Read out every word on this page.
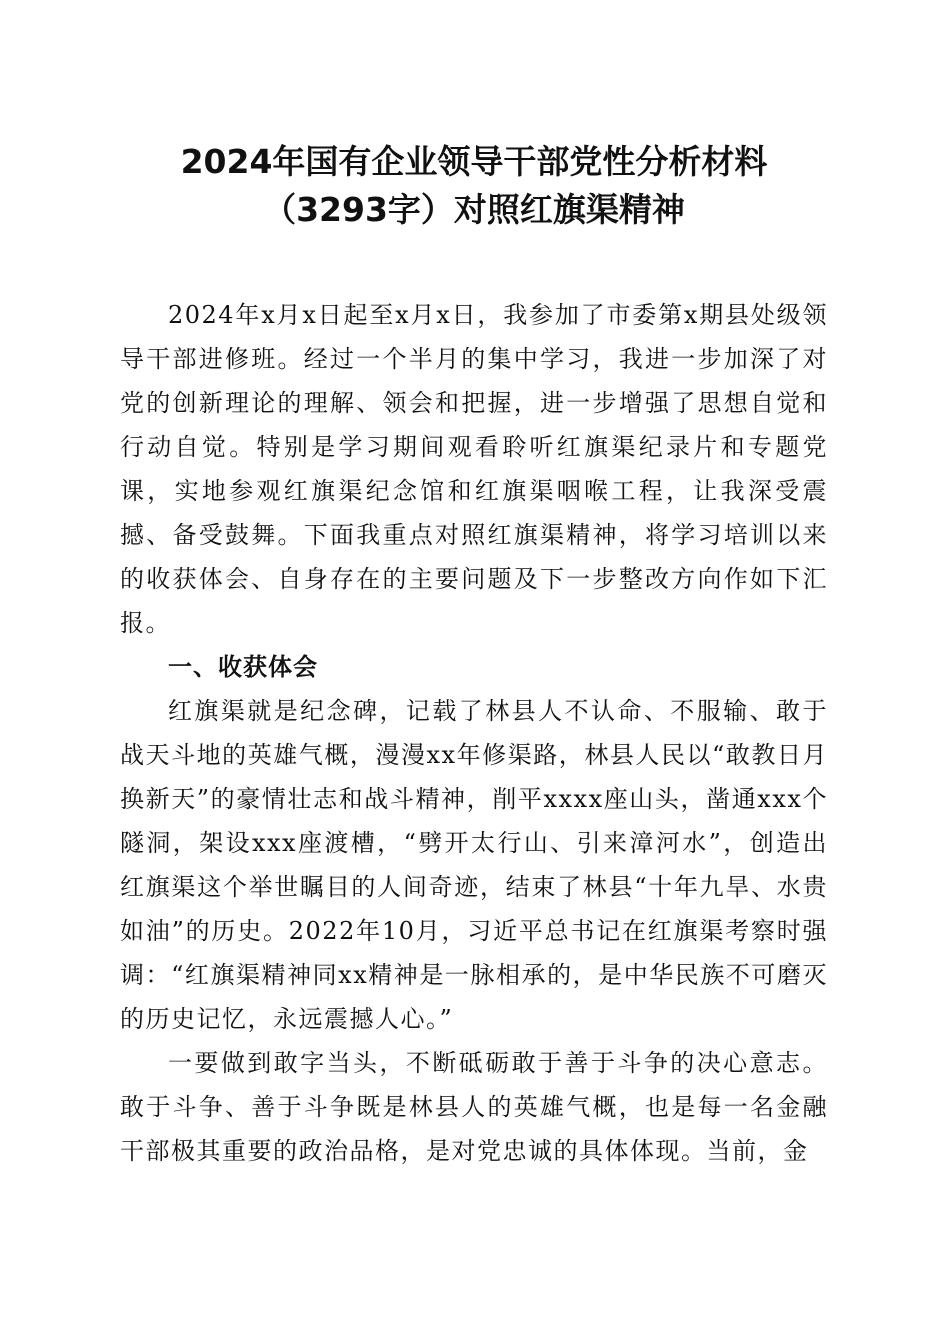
2024年国有企业领导干部党性分析材料
（3293字）对照红旗渠精神

2024年x月x日起至x月x日，我参加了市委第x期县处级领导干部进修班。经过一个半月的集中学习，我进一步加深了对党的创新理论的理解、领会和把握，进一步增强了思想自觉和行动自觉。特别是学习期间观看聆听红旗渠纪录片和专题党课，实地参观红旗渠纪念馆和红旗渠咽喉工程，让我深受震撼、备受鼓舞。下面我重点对照红旗渠精神，将学习培训以来的收获体会、自身存在的主要问题及下一步整改方向作如下汇报。

一、收获体会

红旗渠就是纪念碑，记载了林县人不认命、不服输、敢于战天斗地的英雄气概，漫漫xx年修渠路，林县人民以“敢教日月换新天”的豪情壮志和战斗精神，削平xxxx座山头，凿通xxx个隧洞，架设xxx座渡槽，“劈开太行山、引来漳河水”，创造出红旗渠这个举世瞩目的人间奇迹，结束了林县“十年九旱、水贵如油”的历史。2022年10月，习近平总书记在红旗渠考察时强调：“红旗渠精神同xx精神是一脉相承的，是中华民族不可磨灭的历史记忆，永远震撼人心。”

一要做到敢字当头，不断砥砺敢于善于斗争的决心意志。敢于斗争、善于斗争既是林县人的英雄气概，也是每一名金融干部极其重要的政治品格，是对党忠诚的具体体现。当前，金
